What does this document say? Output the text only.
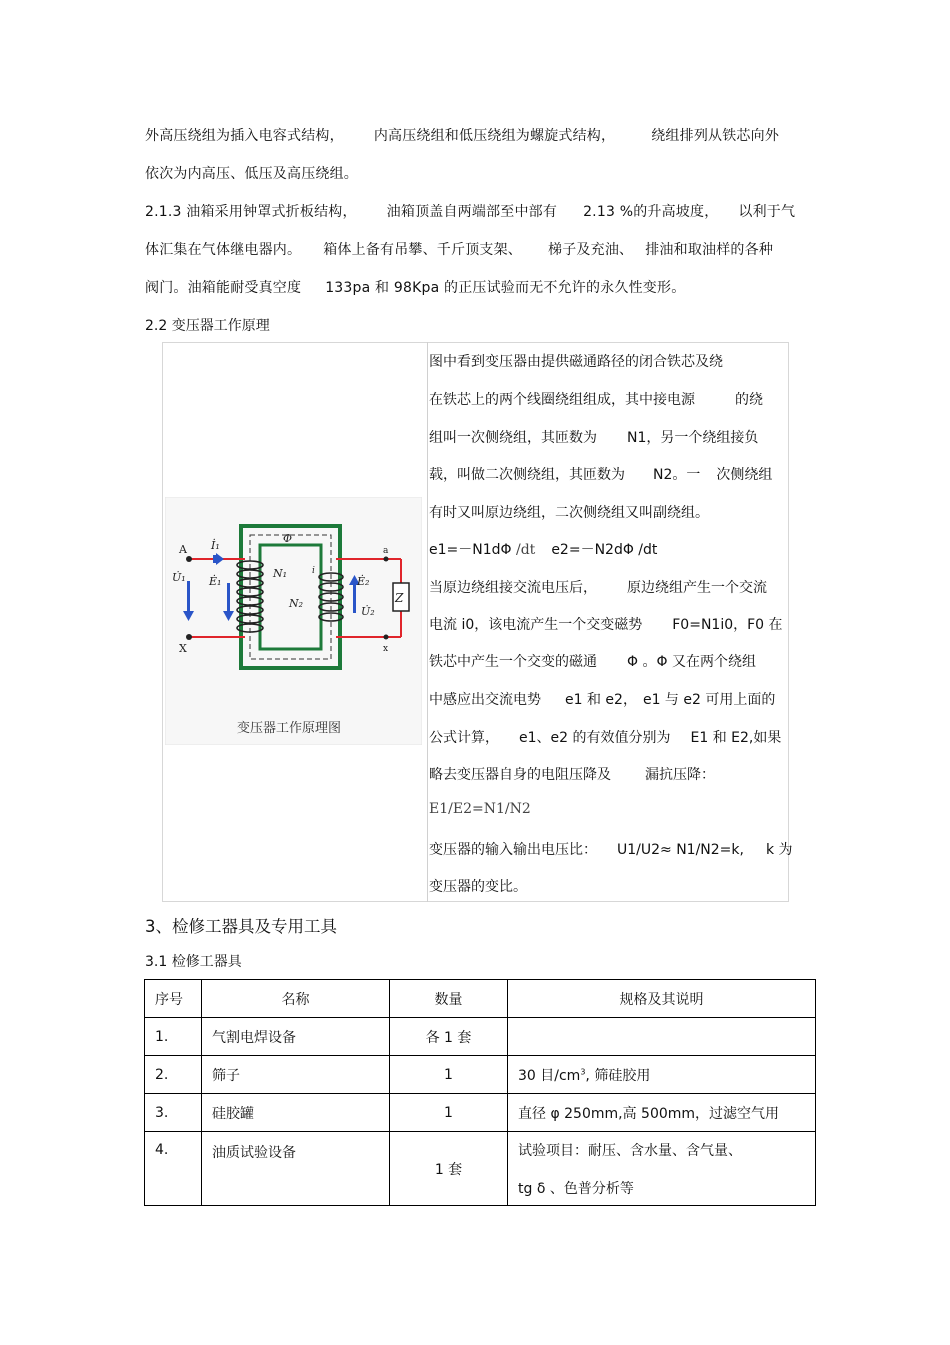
外高压绕组为插入电容式结构， 内高压绕组和低压绕组为螺旋式结构，	绕组排列从铁芯向外
依次为内高压、低压及高压绕组。
2.1.3 油箱采用钟罩式折板结构， 油箱顶盖自两端部至中部有 2.13 %的升高坡度， 以利于气
体汇集在气体继电器内。 箱体上备有吊攀、千斤顶支架、 梯子及充油、 排油和取油样的各种
阀门。油箱能耐受真空度 133pa 和 98Kpa 的正压试验而无不允许的永久性变形。
2.2 变压器工作原理
图中看到变压器由提供磁通路径的闭合铁芯及绕
在铁芯上的两个线圈绕组组成，其中接电源	的绕
组叫一次侧绕组，其匝数为 N1，另一个绕组接负
载，叫做二次侧绕组，其匝数为 N2。一 次侧绕组
有时又叫原边绕组，二次侧绕组又叫副绕组。
e1=－N1dΦ /dt e2=－N2dΦ /dt
当原边绕组接交流电压后， 原边绕组产生一个交流
电流 i0，该电流产生一个交变磁势 F0=N1i0，F0 在
铁芯中产生一个交变的磁通 Φ 。Φ 又在两个绕组
中感应出交流电势 e1 和 e2， e1 与 e2 可用上面的
公式计算， e1、e2 的有效值分别为 E1 和 E2,如果
略去变压器自身的电阻压降及 漏抗压降：
E1/E2=N1/N2
变压器的输入输出电压比： U1/U2≈ N1/N2=k, k 为
变压器的变比。
A
X
a
x
İ₁
U̇₁ Ė₁	Ė₂
U̇₂
i
Φ
N₁
N₂	Z
变压器工作原理图
3、检修工器具及专用工具
3.1 检修工器具
序号	名称	数量	规格及其说明
1.	气割电焊设备	各 1 套	
2.	筛子	1	30 目$/cm^3$, 筛硅胶用
3.	硅胶罐	1	直径 φ 250mm,高 500mm，过滤空气用
4.	油质试验设备	1 套	试验项目：耐压、含水量、含气量、
tg δ 、色普分析等
